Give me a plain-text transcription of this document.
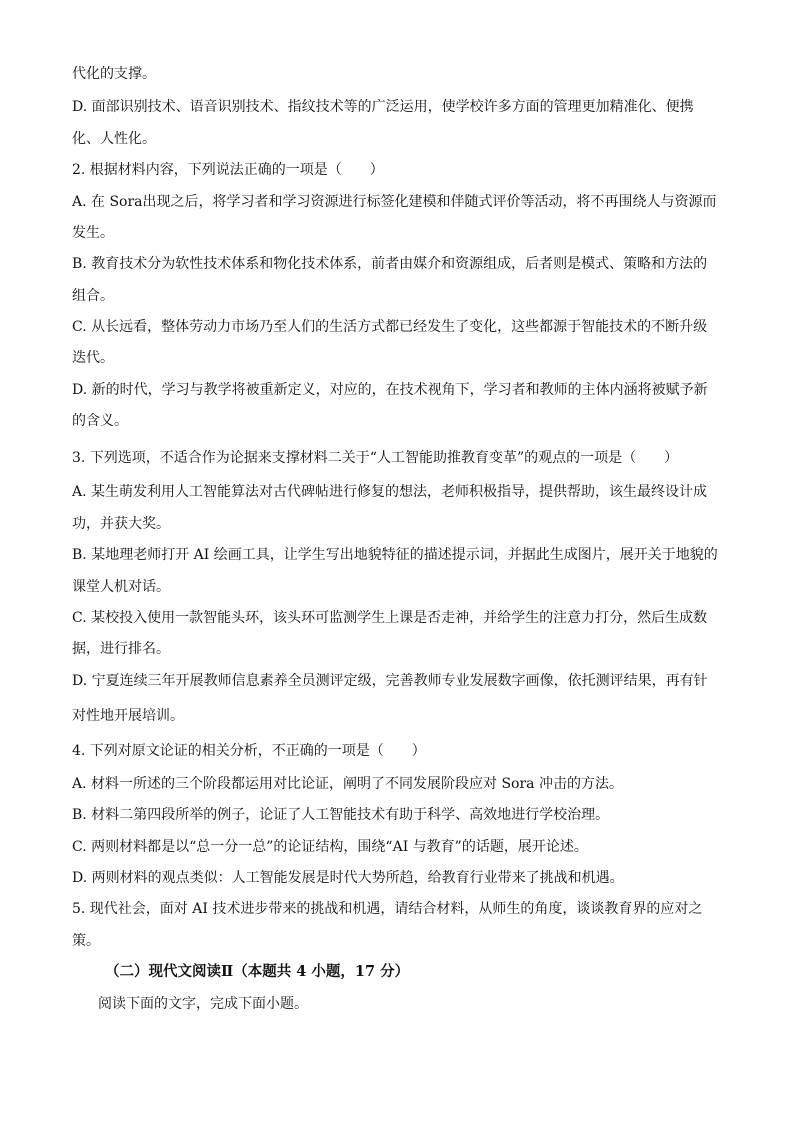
代化的支撑。
D. 面部识别技术、语音识别技术、指纹技术等的广泛运用，使学校许多方面的管理更加精准化、便携
化、人性化。
2. 根据材料内容，下列说法正确的一项是（　　）
A. 在 Sora出现之后，将学习者和学习资源进行标签化建模和伴随式评价等活动，将不再围绕人与资源而
发生。
B. 教育技术分为软性技术体系和物化技术体系，前者由媒介和资源组成，后者则是模式、策略和方法的
组合。
C. 从长远看，整体劳动力市场乃至人们的生活方式都已经发生了变化，这些都源于智能技术的不断升级
迭代。
D. 新的时代，学习与教学将被重新定义，对应的，在技术视角下，学习者和教师的主体内涵将被赋予新
的含义。
3. 下列选项，不适合作为论据来支撑材料二关于“人工智能助推教育变革”的观点的一项是（　　）
A. 某生萌发利用人工智能算法对古代碑帖进行修复的想法，老师积极指导，提供帮助，该生最终设计成
功，并获大奖。
B. 某地理老师打开 AI 绘画工具，让学生写出地貌特征的描述提示词，并据此生成图片，展开关于地貌的
课堂人机对话。
C. 某校投入使用一款智能头环，该头环可监测学生上课是否走神，并给学生的注意力打分，然后生成数
据，进行排名。
D. 宁夏连续三年开展教师信息素养全员测评定级，完善教师专业发展数字画像，依托测评结果，再有针
对性地开展培训。
4. 下列对原文论证的相关分析，不正确的一项是（　　）
A. 材料一所述的三个阶段都运用对比论证，阐明了不同发展阶段应对 Sora 冲击的方法。
B. 材料二第四段所举的例子，论证了人工智能技术有助于科学、高效地进行学校治理。
C. 两则材料都是以“总一分一总”的论证结构，围绕“AI 与教育”的话题，展开论述。
D. 两则材料的观点类似：人工智能发展是时代大势所趋，给教育行业带来了挑战和机遇。
5. 现代社会，面对 AI 技术进步带来的挑战和机遇，请结合材料，从师生的角度，谈谈教育界的应对之
策。
（二）现代文阅读Ⅱ（本题共 4 小题，17 分）
阅读下面的文字，完成下面小题。
